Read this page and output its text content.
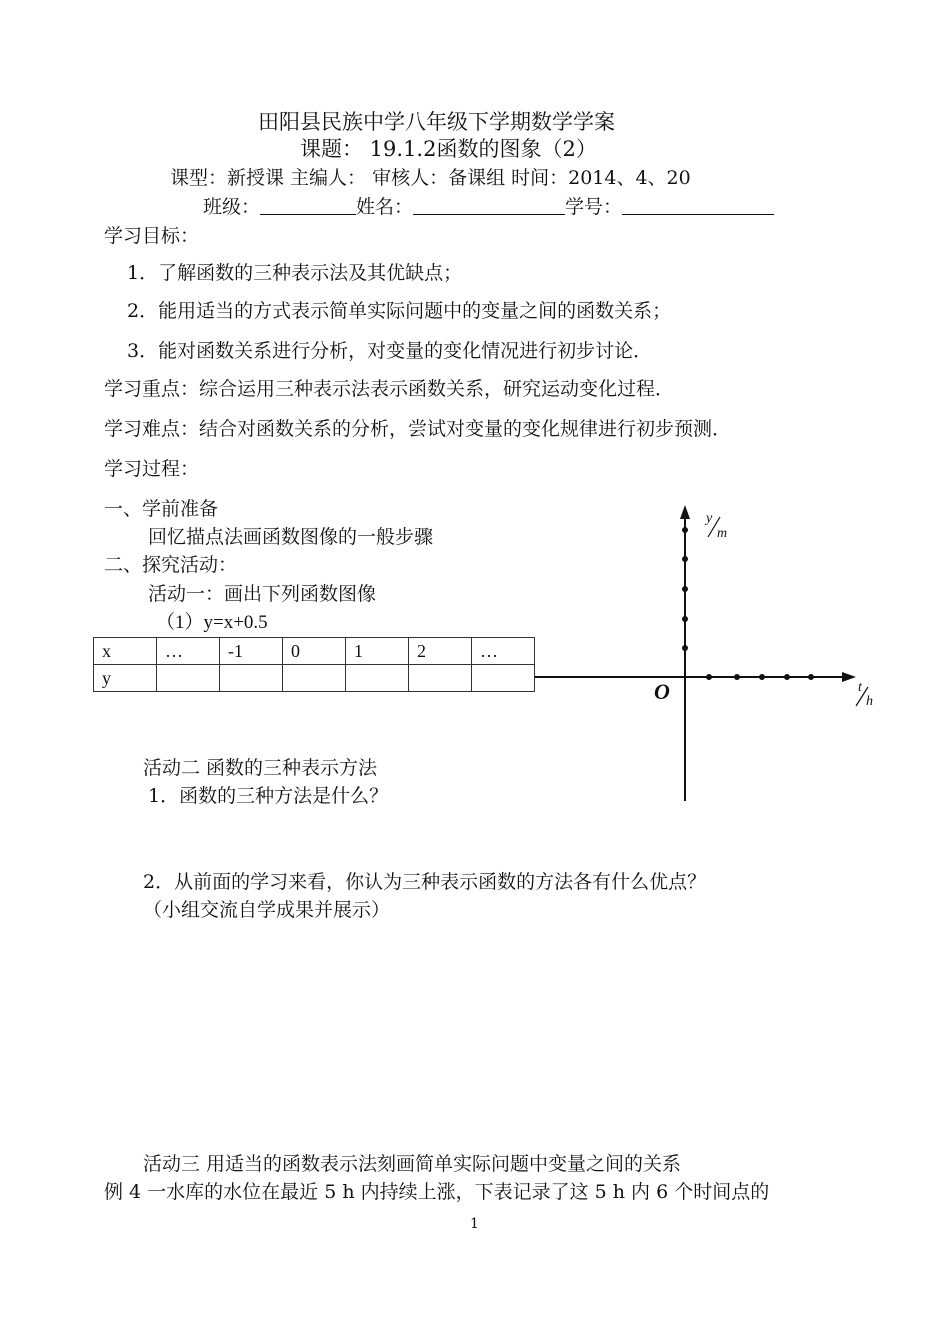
田阳县民族中学八年级下学期数学学案
课题： 19.1.2函数的图象（2）
课型：新授课 主编人： 审核人：备课组 时间：2014、4、20
班级：	姓名：	学号：
学习目标：
1．了解函数的三种表示法及其优缺点；
2．能用适当的方式表示简单实际问题中的变量之间的函数关系；
3．能对函数关系进行分析，对变量的变化情况进行初步讨论．
学习重点：综合运用三种表示法表示函数关系，研究运动变化过程．
学习难点：结合对函数关系的分析，尝试对变量的变化规律进行初步预测．
学习过程：
一、学前准备
回忆描点法画函数图像的一般步骤
二、探究活动：
活动一：画出下列函数图像
（1）y=x+0.5
x	…	-1	0	1	2	…
y						
O
y
m
t
h
活动二 函数的三种表示方法
1．函数的三种方法是什么？
2．从前面的学习来看，你认为三种表示函数的方法各有什么优点？
（小组交流自学成果并展示）
活动三 用适当的函数表示法刻画简单实际问题中变量之间的关系
例 4 一水库的水位在最近 5 h 内持续上涨，下表记录了这 5 h 内 6 个时间点的
1
